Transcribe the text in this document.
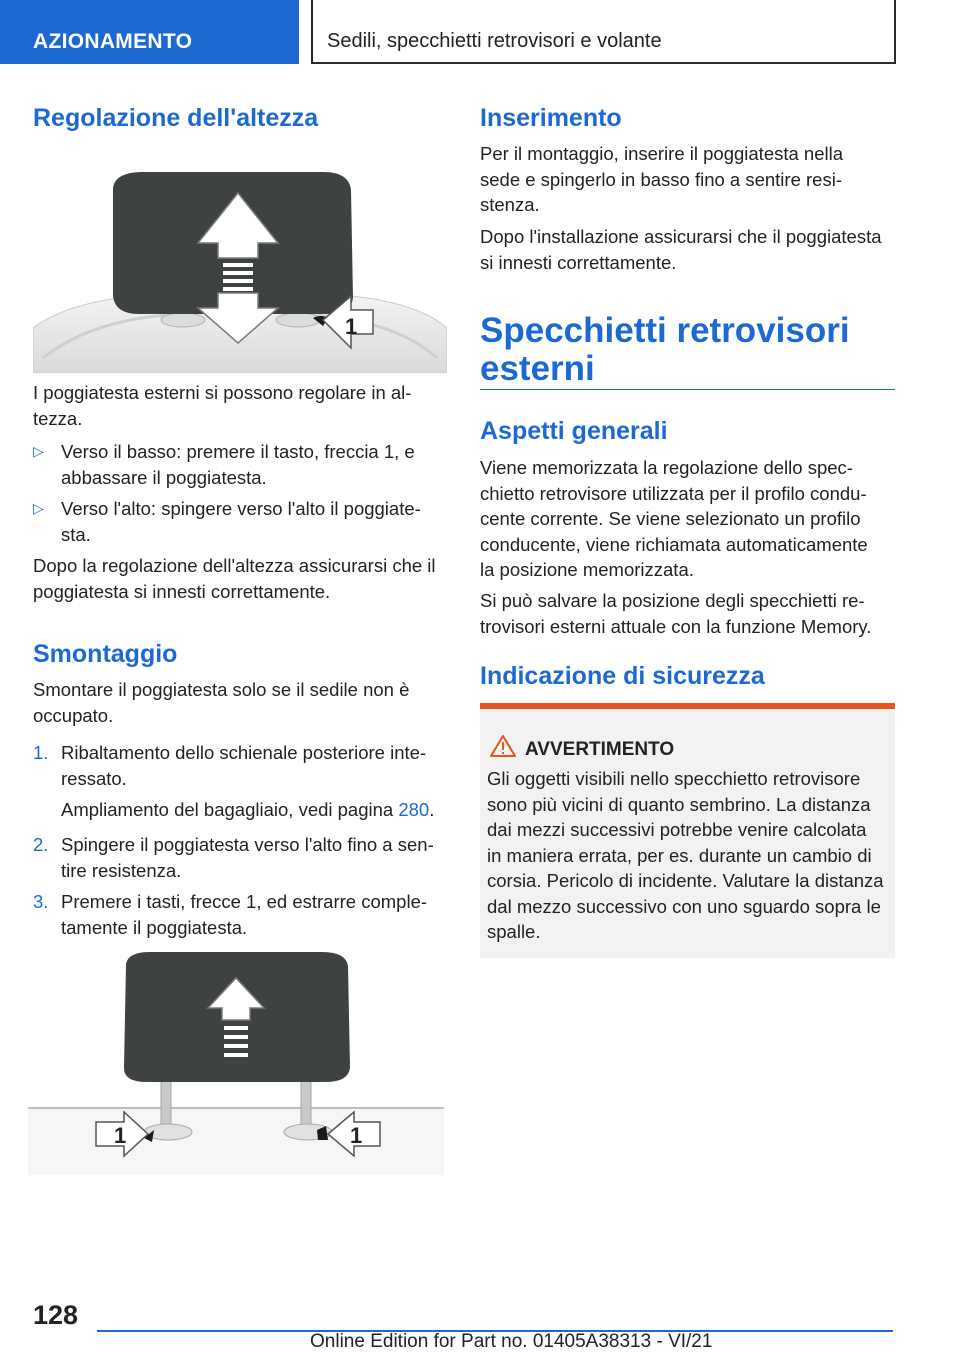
AZIONAMENTO	Sedili, specchietti retrovisori e volante
Regolazione dell'altezza
1
I poggiatesta esterni si possono regolare in al-
tezza.
▷ Verso il basso: premere il tasto, freccia 1, e
abbassare il poggiatesta.
▷ Verso l'alto: spingere verso l'alto il poggiate-
sta.
Dopo la regolazione dell'altezza assicurarsi che il
poggiatesta si innesti correttamente.
Smontaggio
Smontare il poggiatesta solo se il sedile non è
occupato.
1. Ribaltamento dello schienale posteriore inte-
ressato.
Ampliamento del bagagliaio, vedi pagina 280.
2. Spingere il poggiatesta verso l'alto fino a sen-
tire resistenza.
3. Premere i tasti, frecce 1, ed estrarre comple-
tamente il poggiatesta.
1	1
Inserimento
Per il montaggio, inserire il poggiatesta nella
sede e spingerlo in basso fino a sentire resi-
stenza.
Dopo l'installazione assicurarsi che il poggiatesta
si innesti correttamente.
Specchietti retrovisori
esterni
Aspetti generali
Viene memorizzata la regolazione dello spec-
chietto retrovisore utilizzata per il profilo condu-
cente corrente. Se viene selezionato un profilo
conducente, viene richiamata automaticamente
la posizione memorizzata.
Si può salvare la posizione degli specchietti re-
trovisori esterni attuale con la funzione Memory.
Indicazione di sicurezza
AVVERTIMENTO
Gli oggetti visibili nello specchietto retrovisore
sono più vicini di quanto sembrino. La distanza
dai mezzi successivi potrebbe venire calcolata
in maniera errata, per es. durante un cambio di
corsia. Pericolo di incidente. Valutare la distanza
dal mezzo successivo con uno sguardo sopra le
spalle.
128
Online Edition for Part no. 01405A38313 - VI/21
